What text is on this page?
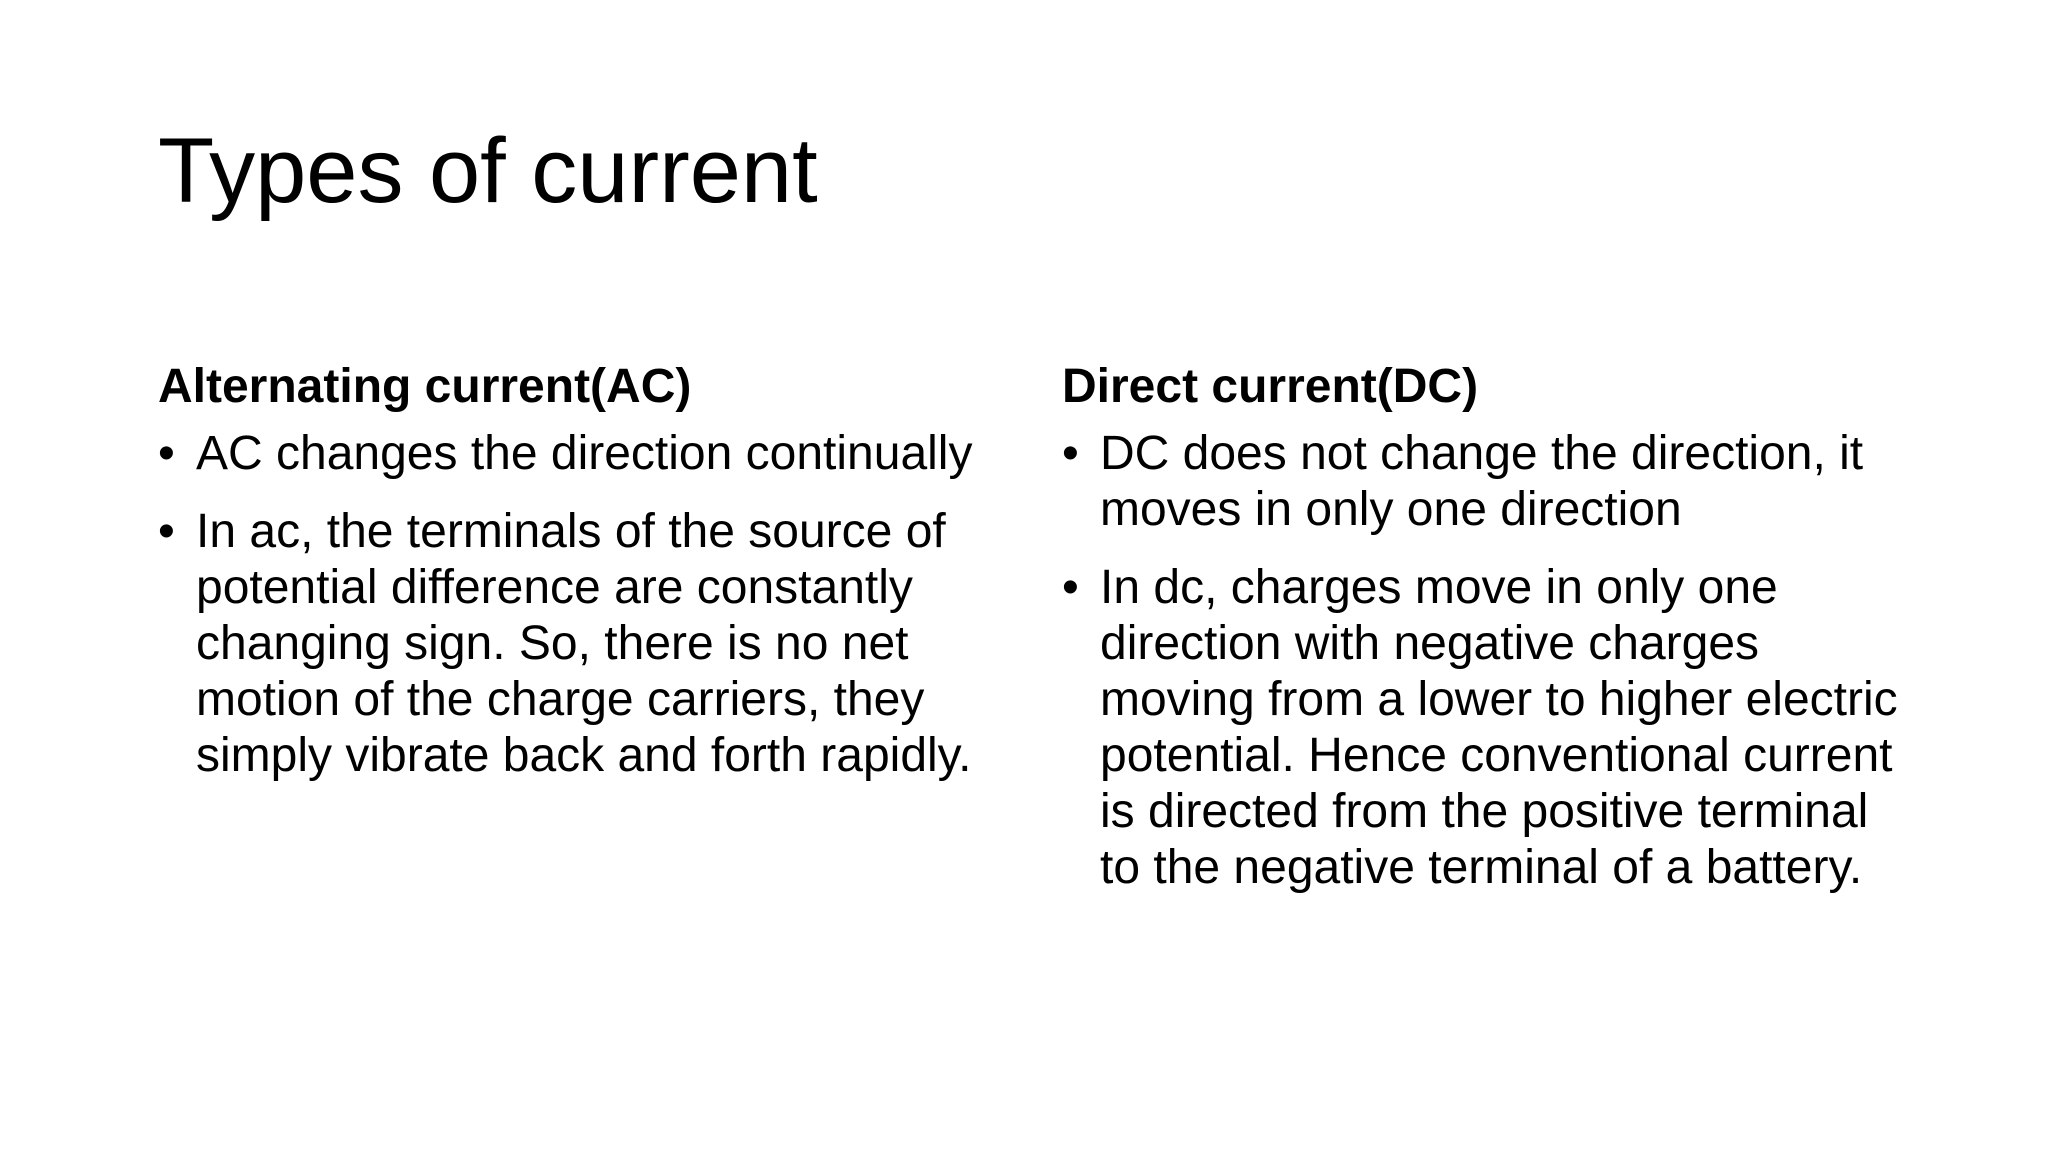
Types of current
Alternating current(AC)
• AC changes the direction continually
• In ac, the terminals of the source of potential difference are constantly changing sign. So, there is no net motion of the charge carriers, they simply vibrate back and forth rapidly.
Direct current(DC)
• DC does not change the direction, it moves in only one direction
• In dc, charges move in only one direction with negative charges moving from a lower to higher electric potential. Hence conventional current is directed from the positive terminal to the negative terminal of a battery.
